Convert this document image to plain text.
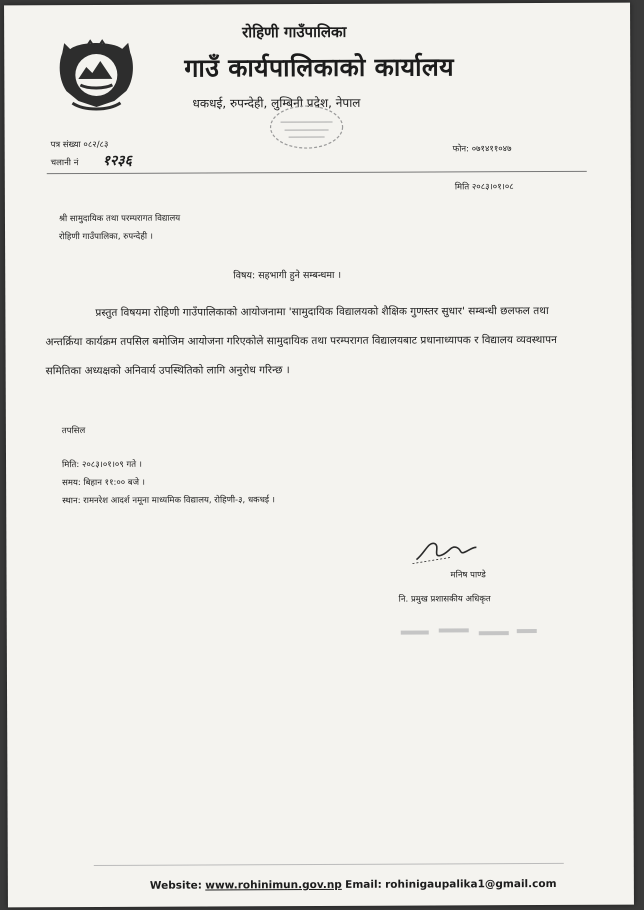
रोहिणी गाउँपालिका
गाउँ कार्यपालिकाको कार्यालय
धकधई, रुपन्देही, लुम्बिनी प्रदेश, नेपाल
पत्र संख्या ०८२/८३
चलानी नं १२३६
फोन: ०७१४११०४७
मिति २०८३।०१।०८
श्री सामुदायिक तथा परम्परागत विद्यालय
रोहिणी गाउँपालिका, रुपन्देही ।
विषय: सहभागी हुने सम्बन्धमा ।
प्रस्तुत विषयमा रोहिणी गाउँपालिकाको आयोजनामा 'सामुदायिक विद्यालयको शैक्षिक गुणस्तर सुधार' सम्बन्धी छलफल तथा अन्तर्क्रिया कार्यक्रम तपसिल बमोजिम आयोजना गरिएकोले सामुदायिक तथा परम्परागत विद्यालयबाट प्रधानाध्यापक र विद्यालय व्यवस्थापन समितिका अध्यक्षको अनिवार्य उपस्थितिको लागि अनुरोध गरिन्छ ।
तपसिल
मिति: २०८३।०१।०९ गते ।
समय: बिहान ११:०० बजे ।
स्थान: रामनरेश आदर्श नमूना माध्यमिक विद्यालय, रोहिणी-३, धकधई ।
मनिष पाण्डे
नि. प्रमुख प्रशासकीय अधिकृत
Website: www.rohinimun.gov.np Email: rohinigaupalika1@gmail.com
